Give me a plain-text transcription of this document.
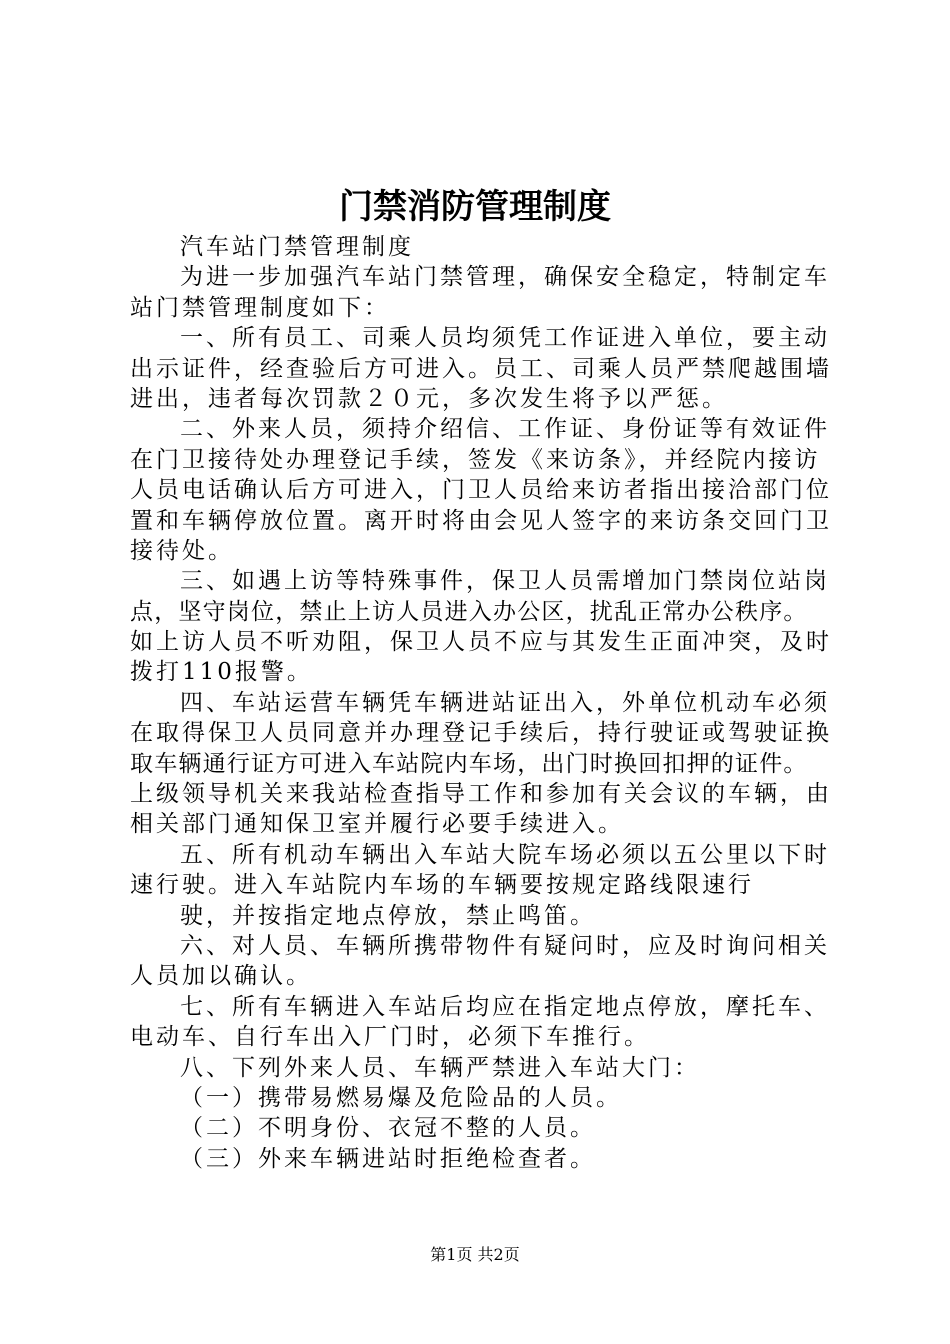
门禁消防管理制度
汽车站门禁管理制度
为进一步加强汽车站门禁管理，确保安全稳定，特制定车
站门禁管理制度如下：
一、所有员工、司乘人员均须凭工作证进入单位，要主动
出示证件，经查验后方可进入。员工、司乘人员严禁爬越围墙
进出，违者每次罚款２０元，多次发生将予以严惩。
二、外来人员，须持介绍信、工作证、身份证等有效证件
在门卫接待处办理登记手续，签发《来访条》，并经院内接访
人员电话确认后方可进入，门卫人员给来访者指出接洽部门位
置和车辆停放位置。离开时将由会见人签字的来访条交回门卫
接待处。
三、如遇上访等特殊事件，保卫人员需增加门禁岗位站岗
点，坚守岗位，禁止上访人员进入办公区，扰乱正常办公秩序。
如上访人员不听劝阻，保卫人员不应与其发生正面冲突，及时
拨打110报警。
四、车站运营车辆凭车辆进站证出入，外单位机动车必须
在取得保卫人员同意并办理登记手续后，持行驶证或驾驶证换
取车辆通行证方可进入车站院内车场，出门时换回扣押的证件。
上级领导机关来我站检查指导工作和参加有关会议的车辆，由
相关部门通知保卫室并履行必要手续进入。
五、所有机动车辆出入车站大院车场必须以五公里以下时
速行驶。进入车站院内车场的车辆要按规定路线限速行
驶，并按指定地点停放，禁止鸣笛。
六、对人员、车辆所携带物件有疑问时，应及时询问相关
人员加以确认。
七、所有车辆进入车站后均应在指定地点停放，摩托车、
电动车、自行车出入厂门时，必须下车推行。
八、下列外来人员、车辆严禁进入车站大门：
（一）携带易燃易爆及危险品的人员。
（二）不明身份、衣冠不整的人员。
（三）外来车辆进站时拒绝检查者。
第1页 共2页
